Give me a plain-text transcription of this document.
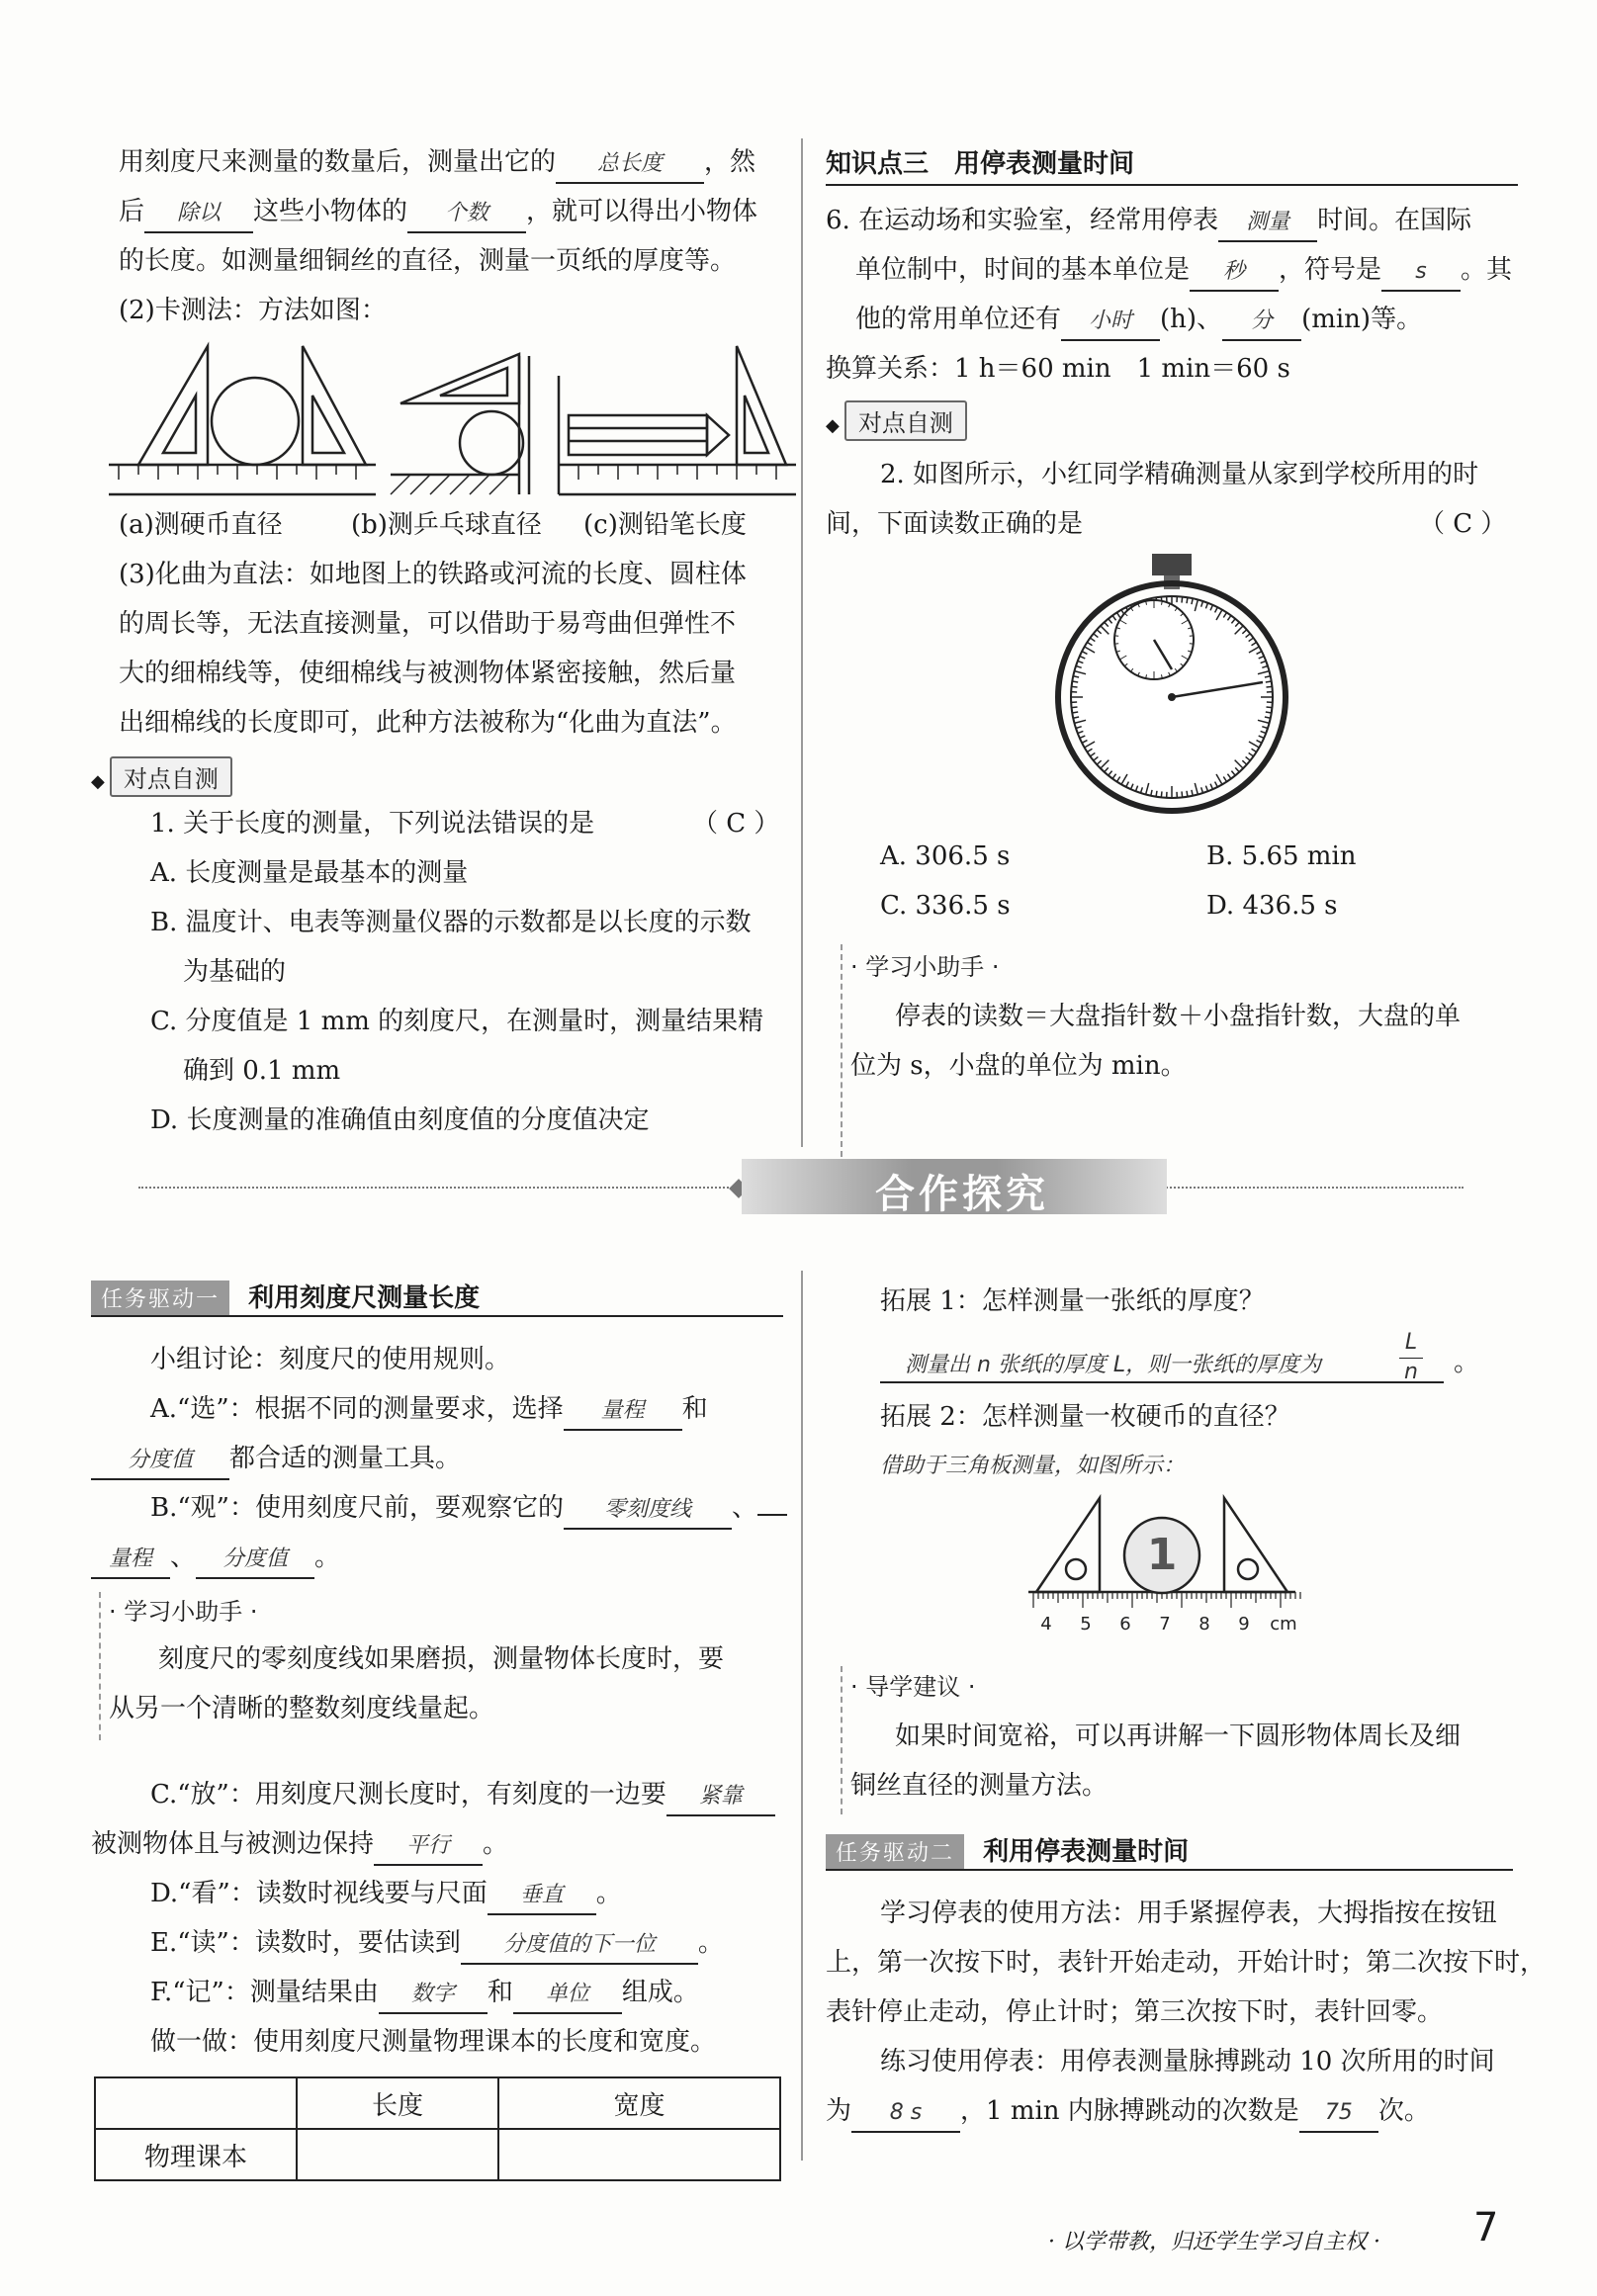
用刻度尺来测量的数量后，测量出它的 总长度 ，然
后 除以 这些小物体的 个数 ，就可以得出小物体
的长度。如测量细铜丝的直径，测量一页纸的厚度等。
(2)卡测法：方法如图：
(a)测硬币直径	(b)测乒乓球直径 (c)测铅笔长度
(3)化曲为直法：如地图上的铁路或河流的长度、圆柱体
的周长等，无法直接测量，可以借助于易弯曲但弹性不
大的细棉线等，使细棉线与被测物体紧密接触，然后量
出细棉线的长度即可，此种方法被称为“化曲为直法”。
◆ 对点自测
1. 关于长度的测量，下列说法错误的是	（ C ）
A. 长度测量是最基本的测量
B. 温度计、电表等测量仪器的示数都是以长度的示数
为基础的
C. 分度值是 1 mm 的刻度尺，在测量时，测量结果精
确到 0.1 mm
D. 长度测量的准确值由刻度值的分度值决定
知识点三　用停表测量时间
6. 在运动场和实验室，经常用停表 测量 时间。在国际
单位制中，时间的基本单位是 秒 ，符号是 s 。其
他的常用单位还有 小时 (h)、 分 (min)等。
换算关系：1 h＝60 min　1 min＝60 s
◆ 对点自测
2. 如图所示，小红同学精确测量从家到学校所用的时
间，下面读数正确的是	（ C ）
A. 306.5 s	B. 5.65 min
C. 336.5 s	D. 436.5 s
· 学习小助手 ·
停表的读数＝大盘指针数＋小盘指针数，大盘的单
位为 s，小盘的单位为 min。
合作探究
任务驱动一 利用刻度尺测量长度
小组讨论：刻度尺的使用规则。
A.“选”：根据不同的测量要求，选择 量程 和
分度值 都合适的测量工具。
B.“观”：使用刻度尺前，要观察它的 零刻度线 、
量程 、 分度值 。
· 学习小助手 ·
刻度尺的零刻度线如果磨损，测量物体长度时，要
从另一个清晰的整数刻度线量起。
C.“放”：用刻度尺测长度时，有刻度的一边要 紧靠
被测物体且与被测边保持 平行 。
D.“看”：读数时视线要与尺面 垂直 。
E.“读”：读数时，要估读到 分度值的下一位 。
F.“记”：测量结果由 数字 和 单位 组成。
做一做：使用刻度尺测量物理课本的长度和宽度。
	长度	宽度
物理课本		
拓展 1：怎样测量一张纸的厚度？
测量出 n 张纸的厚度 L，则一张纸的厚度为
L
n 。
拓展 2：怎样测量一枚硬币的直径？
借助于三角板测量，如图所示：
1
4 5 6 7 8 9 cm
· 导学建议 ·
如果时间宽裕，可以再讲解一下圆形物体周长及细
铜丝直径的测量方法。
任务驱动二 利用停表测量时间
学习停表的使用方法：用手紧握停表，大拇指按在按钮
上，第一次按下时，表针开始走动，开始计时；第二次按下时，
表针停止走动，停止计时；第三次按下时，表针回零。
练习使用停表：用停表测量脉搏跳动 10 次所用的时间
为 8 s ，1 min 内脉搏跳动的次数是 75 次。
· 以学带教，归还学生学习自主权 · 7
